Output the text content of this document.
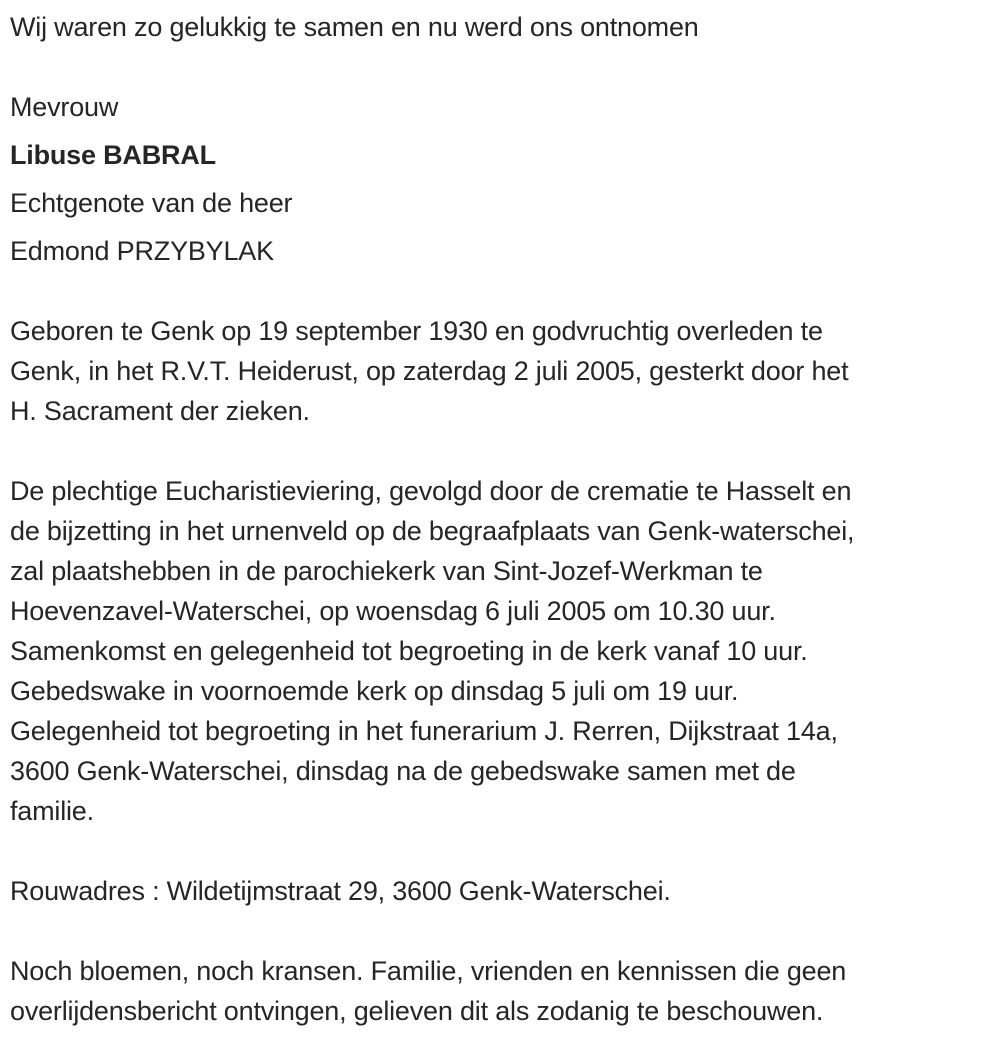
Wij waren zo gelukkig te samen en nu werd ons ontnomen
Mevrouw
Libuse BABRAL
Echtgenote van de heer
Edmond PRZYBYLAK
Geboren te Genk op 19 september 1930 en godvruchtig overleden te
Genk, in het R.V.T. Heiderust, op zaterdag 2 juli 2005, gesterkt door het
H. Sacrament der zieken.
De plechtige Eucharistieviering, gevolgd door de crematie te Hasselt en
de bijzetting in het urnenveld op de begraafplaats van Genk-waterschei,
zal plaatshebben in de parochiekerk van Sint-Jozef-Werkman te
Hoevenzavel-Waterschei, op woensdag 6 juli 2005 om 10.30 uur.
Samenkomst en gelegenheid tot begroeting in de kerk vanaf 10 uur.
Gebedswake in voornoemde kerk op dinsdag 5 juli om 19 uur.
Gelegenheid tot begroeting in het funerarium J. Rerren, Dijkstraat 14a,
3600 Genk-Waterschei, dinsdag na de gebedswake samen met de
familie.
Rouwadres : Wildetijmstraat 29, 3600 Genk-Waterschei.
Noch bloemen, noch kransen. Familie, vrienden en kennissen die geen
overlijdensbericht ontvingen, gelieven dit als zodanig te beschouwen.
